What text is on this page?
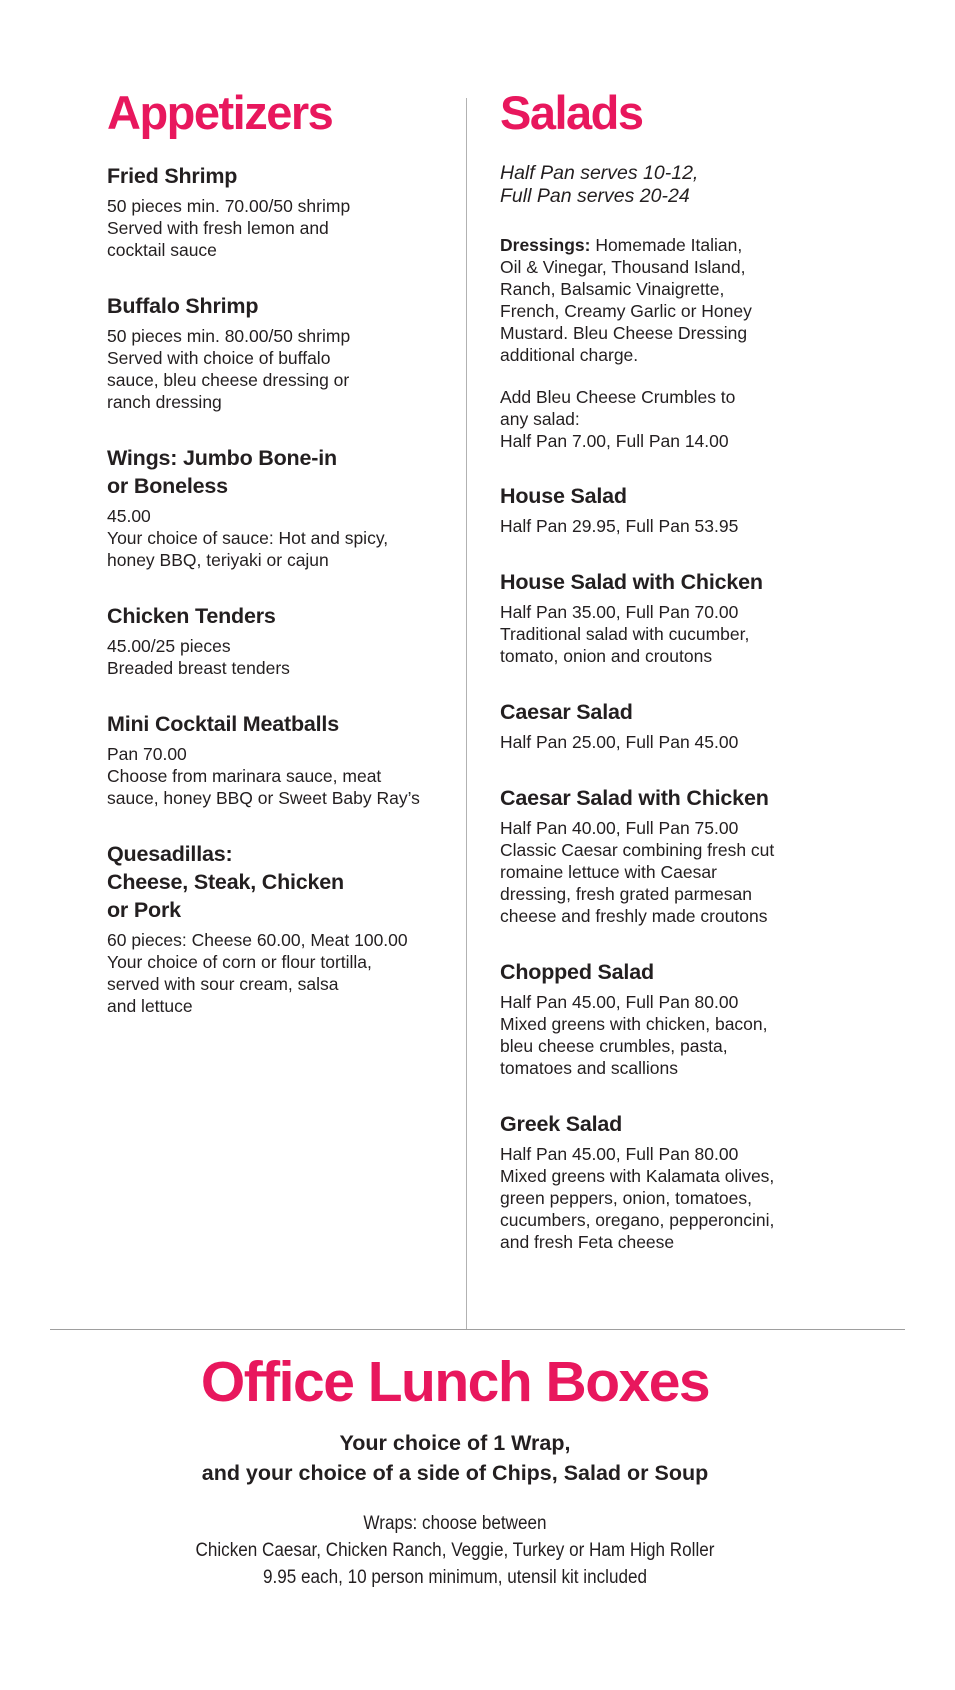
Appetizers
Fried Shrimp
50 pieces min. 70.00/50 shrimp
Served with fresh lemon and
cocktail sauce
Buffalo Shrimp
50 pieces min. 80.00/50 shrimp
Served with choice of buffalo
sauce, bleu cheese dressing or
ranch dressing
Wings: Jumbo Bone-in
or Boneless
45.00
Your choice of sauce: Hot and spicy,
honey BBQ, teriyaki or cajun
Chicken Tenders
45.00/25 pieces
Breaded breast tenders
Mini Cocktail Meatballs
Pan 70.00
Choose from marinara sauce, meat
sauce, honey BBQ or Sweet Baby Ray’s
Quesadillas:
Cheese, Steak, Chicken
or Pork
60 pieces: Cheese 60.00, Meat 100.00
Your choice of corn or flour tortilla,
served with sour cream, salsa
and lettuce
Salads

Half Pan serves 10-12,
Full Pan serves 20-24

Dressings: Homemade Italian,
Oil & Vinegar, Thousand Island,
Ranch, Balsamic Vinaigrette,
French, Creamy Garlic or Honey
Mustard. Bleu Cheese Dressing
additional charge.

Add Bleu Cheese Crumbles to
any salad:
Half Pan 7.00, Full Pan 14.00

House Salad
Half Pan 29.95, Full Pan 53.95
House Salad with Chicken
Half Pan 35.00, Full Pan 70.00
Traditional salad with cucumber,
tomato, onion and croutons
Caesar Salad
Half Pan 25.00, Full Pan 45.00
Caesar Salad with Chicken
Half Pan 40.00, Full Pan 75.00
Classic Caesar combining fresh cut
romaine lettuce with Caesar
dressing, fresh grated parmesan
cheese and freshly made croutons
Chopped Salad
Half Pan 45.00, Full Pan 80.00
Mixed greens with chicken, bacon,
bleu cheese crumbles, pasta,
tomatoes and scallions
Greek Salad
Half Pan 45.00, Full Pan 80.00
Mixed greens with Kalamata olives,
green peppers, onion, tomatoes,
cucumbers, oregano, pepperoncini,
and fresh Feta cheese
Office Lunch Boxes
Your choice of 1 Wrap,
and your choice of a side of Chips, Salad or Soup
Wraps: choose between
Chicken Caesar, Chicken Ranch, Veggie, Turkey or Ham High Roller
9.95 each, 10 person minimum, utensil kit included
